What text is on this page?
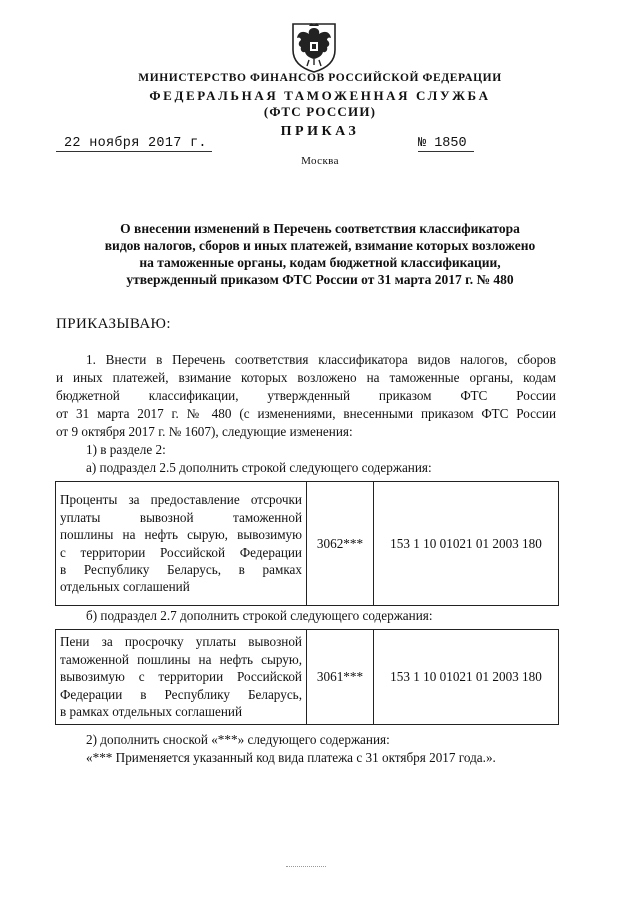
МИНИСТЕРСТВО ФИНАНСОВ РОССИЙСКОЙ ФЕДЕРАЦИИ
ФЕДЕРАЛЬНАЯ ТАМОЖЕННАЯ СЛУЖБА
(ФТС РОССИИ)
ПРИКАЗ
22 ноября 2017 г.	№ 1850
Москва
О внесении изменений в Перечень соответствия классификатора
видов налогов, сборов и иных платежей, взимание которых возложено
на таможенные органы, кодам бюджетной классификации,
утвержденный приказом ФТС России от 31 марта 2017 г. № 480
ПРИКАЗЫВАЮ:
1. Внести в Перечень соответствия классификатора видов налогов, сборов
и иных платежей, взимание которых возложено на таможенные органы, кодам
бюджетной классификации, утвержденный приказом ФТС России
от 31 марта 2017 г. № 480 (с изменениями, внесенными приказом ФТС России
от 9 октября 2017 г. № 1607), следующие изменения:
1) в разделе 2:
а) подраздел 2.5 дополнить строкой следующего содержания:
Проценты за предоставление отсрочки
уплаты вывозной таможенной
пошлины на нефть сырую, вывозимую
с территории Российской Федерации
в Республику Беларусь, в рамках
отдельных соглашений
	3062***	153 1 10 01021 01 2003 180
б) подраздел 2.7 дополнить строкой следующего содержания:
Пени за просрочку уплаты вывозной
таможенной пошлины на нефть сырую,
вывозимую с территории Российской
Федерации в Республику Беларусь,
в рамках отдельных соглашений
	3061***	153 1 10 01021 01 2003 180
2) дополнить сноской «***» следующего содержания:
«*** Применяется указанный код вида платежа с 31 октября 2017 года.».
